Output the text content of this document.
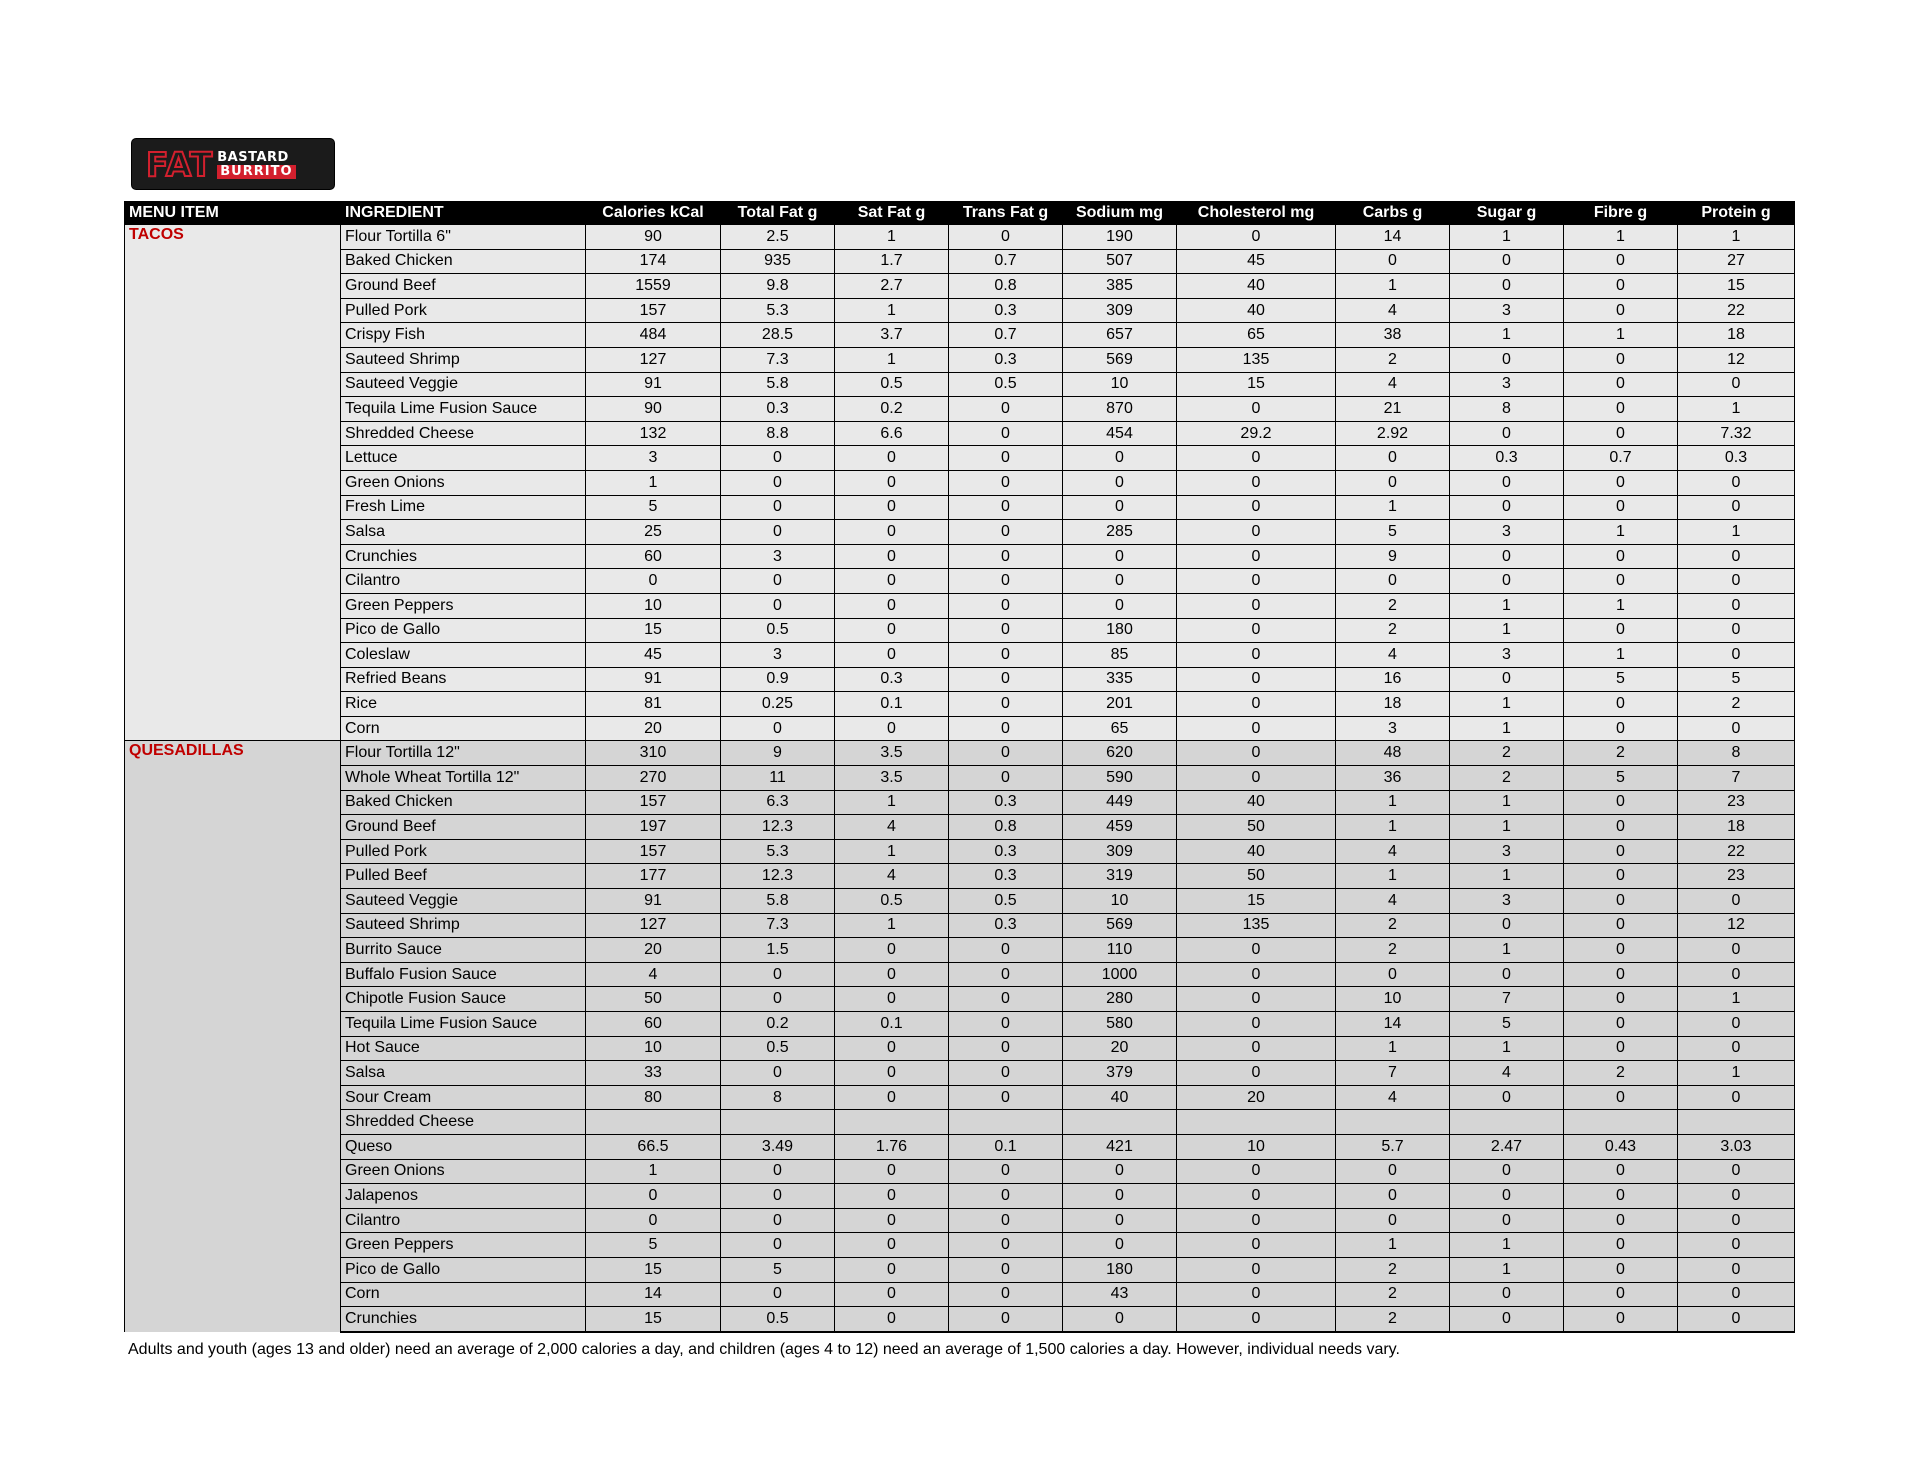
FAT BASTARD
BURRITO
MENU ITEM	INGREDIENT	Calories kCal	Total Fat g	Sat Fat g	Trans Fat g	Sodium mg	Cholesterol mg	Carbs g	Sugar g	Fibre g	Protein g
TACOS	Flour Tortilla 6"	90	2.5	1	0	190	0	14	1	1	1
	Baked Chicken	174	935	1.7	0.7	507	45	0	0	0	27
	Ground Beef	1559	9.8	2.7	0.8	385	40	1	0	0	15
	Pulled Pork	157	5.3	1	0.3	309	40	4	3	0	22
	Crispy Fish	484	28.5	3.7	0.7	657	65	38	1	1	18
	Sauteed Shrimp	127	7.3	1	0.3	569	135	2	0	0	12
	Sauteed Veggie	91	5.8	0.5	0.5	10	15	4	3	0	0
	Tequila Lime Fusion Sauce	90	0.3	0.2	0	870	0	21	8	0	1
	Shredded Cheese	132	8.8	6.6	0	454	29.2	2.92	0	0	7.32
	Lettuce	3	0	0	0	0	0	0	0.3	0.7	0.3
	Green Onions	1	0	0	0	0	0	0	0	0	0
	Fresh Lime	5	0	0	0	0	0	1	0	0	0
	Salsa	25	0	0	0	285	0	5	3	1	1
	Crunchies	60	3	0	0	0	0	9	0	0	0
	Cilantro	0	0	0	0	0	0	0	0	0	0
	Green Peppers	10	0	0	0	0	0	2	1	1	0
	Pico de Gallo	15	0.5	0	0	180	0	2	1	0	0
	Coleslaw	45	3	0	0	85	0	4	3	1	0
	Refried Beans	91	0.9	0.3	0	335	0	16	0	5	5
	Rice	81	0.25	0.1	0	201	0	18	1	0	2
	Corn	20	0	0	0	65	0	3	1	0	0
QUESADILLAS	Flour Tortilla 12"	310	9	3.5	0	620	0	48	2	2	8
	Whole Wheat Tortilla 12"	270	11	3.5	0	590	0	36	2	5	7
	Baked Chicken	157	6.3	1	0.3	449	40	1	1	0	23
	Ground Beef	197	12.3	4	0.8	459	50	1	1	0	18
	Pulled Pork	157	5.3	1	0.3	309	40	4	3	0	22
	Pulled Beef	177	12.3	4	0.3	319	50	1	1	0	23
	Sauteed Veggie	91	5.8	0.5	0.5	10	15	4	3	0	0
	Sauteed Shrimp	127	7.3	1	0.3	569	135	2	0	0	12
	Burrito Sauce	20	1.5	0	0	110	0	2	1	0	0
	Buffalo Fusion Sauce	4	0	0	0	1000	0	0	0	0	0
	Chipotle Fusion Sauce	50	0	0	0	280	0	10	7	0	1
	Tequila Lime Fusion Sauce	60	0.2	0.1	0	580	0	14	5	0	0
	Hot Sauce	10	0.5	0	0	20	0	1	1	0	0
	Salsa	33	0	0	0	379	0	7	4	2	1
	Sour Cream	80	8	0	0	40	20	4	0	0	0
	Shredded Cheese										
	Queso	66.5	3.49	1.76	0.1	421	10	5.7	2.47	0.43	3.03
	Green Onions	1	0	0	0	0	0	0	0	0	0
	Jalapenos	0	0	0	0	0	0	0	0	0	0
	Cilantro	0	0	0	0	0	0	0	0	0	0
	Green Peppers	5	0	0	0	0	0	1	1	0	0
	Pico de Gallo	15	5	0	0	180	0	2	1	0	0
	Corn	14	0	0	0	43	0	2	0	0	0
	Crunchies	15	0.5	0	0	0	0	2	0	0	0
Adults and youth (ages 13 and older) need an average of 2,000 calories a day, and children (ages 4 to 12) need an average of 1,500 calories a day. However, individual needs vary.
